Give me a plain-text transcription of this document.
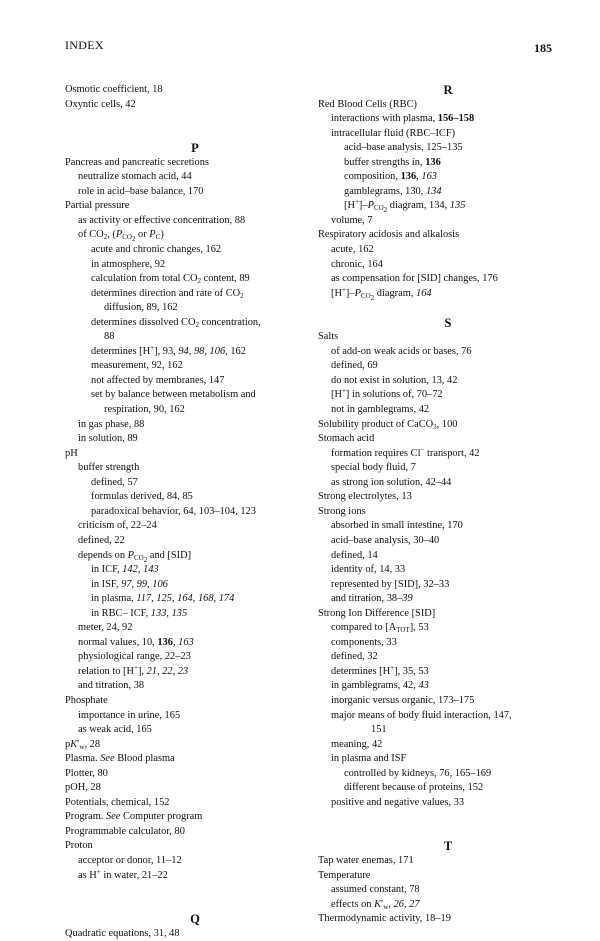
INDEX	185
Osmotic coefficient, 18
Oxyntic cells, 42
P
Pancreas and pancreatic secretions
neutralize stomach acid, 44
role in acid–base balance, 170
Partial pressure
as activity or effective concentration, 88
of $CO_2$, ($P_{CO_2}$ or $P_C$)
acute and chronic changes, 162
in atmosphere, 92
calculation from total $CO_2$ content, 89
determines direction and rate of $CO_2$
diffusion, 89, 162
determines dissolved $CO_2$ concentration,
88
determines [H+], 93, 94, 98, 106, 162
measurement, 92, 162
not affected by membranes, 147
set by balance between metabolism and
respiration, 90, 162
in gas phase, 88
in solution, 89
pH
buffer strength
defined, 57
formulas derived, 84, 85
paradoxical behavior, 64, 103–104, 123
criticism of, 22–24
defined, 22
depends on $P_{CO_2}$ and [SID]
in ICF, 142, 143
in ISF, 97, 99, 106
in plasma, 117, 125, 164, 168, 174
in RBC– ICF, 133, 135
meter, 24, 92
normal values, 10, 136, 163
physiological range, 22–23
relation to [H+], 21, 22, 23
and titration, 38
Phosphate
importance in urine, 165
as weak acid, 165
$pK'_w$, 28
Plasma. See Blood plasma
Plotter, 80
pOH, 28
Potentials, chemical, 152
Program. See Computer program
Programmable calculator, 80
Proton
acceptor or donor, 11–12
as H+ in water, 21–22
Q
Quadratic equations, 31, 48
R
Red Blood Cells (RBC)
interactions with plasma, 156–158
intracellular fluid (RBC–ICF)
acid–base analysis, 125–135
buffer strengths in, 136
composition, 136, 163
gamblegrams, 130, 134
$[H^+]-P_{CO_2}$ diagram, 134, 135
volume, 7
Respiratory acidosis and alkalosis
acute, 162
chronic, 164
as compensation for [SID] changes, 176
$[H^+]-P_{CO_2}$ diagram, 164
S
Salts
of add-on weak acids or bases, 76
defined, 69
do not exist in solution, 13, 42
[H+] in solutions of, 70–72
not in gamblegrams, 42
Solubility product of CaCO$_3$, 100
Stomach acid
formation requires Cl− transport, 42
special body fluid, 7
as strong ion solution, 42–44
Strong electrolytes, 13
Strong ions
absorbed in small intestine, 170
acid–base analysis, 30–40
defined, 14
identity of, 14, 33
represented by [SID], 32–33
and titration, 38–39
Strong Ion Difference [SID]
compared to $[A_{TOT}]$, 53
components, 33
defined, 32
determines [H+], 35, 53
in gamblegrams, 42, 43
inorganic versus organic, 173–175
major means of body fluid interaction, 147,
151
meaning, 42
in plasma and ISF
controlled by kidneys, 76, 165–169
different because of proteins, 152
positive and negative values, 33
T
Tap water enemas, 171
Temperature
assumed constant, 78
effects on $K'_w$, 26, 27
Thermodynamic activity, 18–19
